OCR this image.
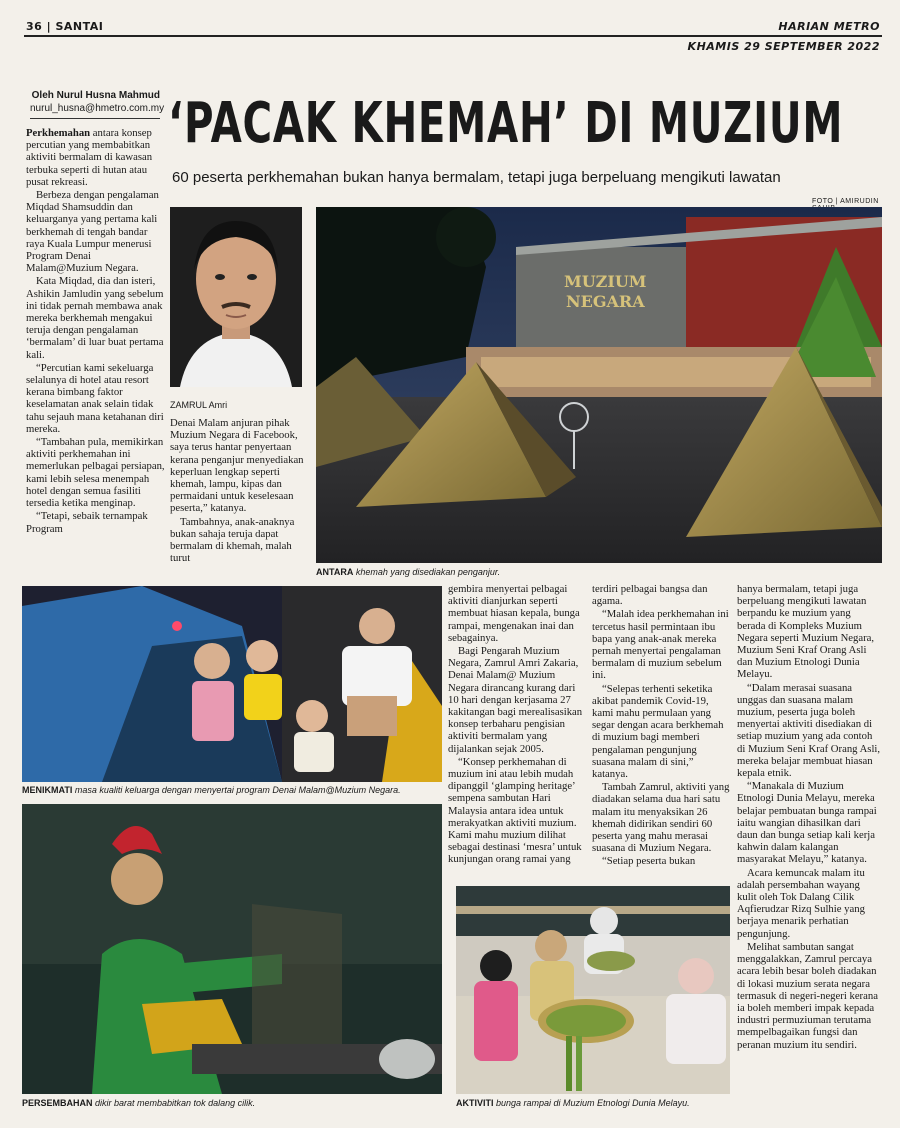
36 | SANTAI	HARIAN METRO
KHAMIS 29 SEPTEMBER 2022
Oleh Nurul Husna Mahmud
nurul_husna@hmetro.com.my ‘PACAK KHEMAH’ DI MUZIUM
60 peserta perkhemahan bukan hanya bermalam, tetapi juga berpeluang mengikuti lawatan

Perkhemahan antara konsep percutian yang membabitkan aktiviti bermalam di kawasan terbuka seperti di hutan atau pusat rekreasi.

Berbeza dengan pengalaman Miqdad Shamsuddin dan keluarganya yang pertama kali berkhemah di tengah bandar raya Kuala Lumpur menerusi Program Denai Malam@Muzium Negara.

Kata Miqdad, dia dan isteri, Ashikin Jamludin yang sebelum ini tidak pernah membawa anak mereka berkhemah mengakui teruja dengan pengalaman ‘bermalam’ di luar buat pertama kali.

“Percutian kami sekeluarga selalunya di hotel atau resort kerana bimbang faktor keselamatan anak selain tidak tahu sejauh mana ketahanan diri mereka.

“Tambahan pula, memikirkan aktiviti perkhemahan ini memerlukan pelbagai persiapan, kami lebih selesa menempah hotel dengan semua fasiliti tersedia ketika menginap.

“Tetapi, sebaik ternampak Program

ZAMRUL Amri

Denai Malam anjuran pihak Muzium Negara di Facebook, saya terus hantar penyertaan kerana penganjur menyediakan keperluan lengkap seperti khemah, lampu, kipas dan permaidani untuk keselesaan peserta,” katanya.

Tambahnya, anak-anaknya bukan sahaja teruja dapat bermalam di khemah, malah turut

FOTO | AMIRUDIN
MUZIUM
NEGARA
ANTARA khemah yang disediakan penganjur.
MENIKMATI masa kualiti keluarga dengan menyertai program Denai Malam@Muzium Negara.
PERSEMBAHAN dikir barat membabitkan tok dalang cilik.

gembira menyertai pelbagai aktiviti dianjurkan seperti membuat hiasan kepala, bunga rampai, mengenakan inai dan sebagainya.

Bagi Pengarah Muzium Negara, Zamrul Amri Zakaria, Denai Malam@ Muzium Negara dirancang kurang dari 10 hari dengan kerjasama 27 kakitangan bagi merealisasikan konsep terbaharu pengisian aktiviti bermalam yang dijalankan sejak 2005.

“Konsep perkhemahan di muzium ini atau lebih mudah dipanggil ‘glamping heritage’ sempena sambutan Hari Malaysia antara idea untuk merakyatkan aktiviti muzium. Kami mahu muzium dilihat sebagai destinasi ‘mesra’ untuk kunjungan orang ramai yang

terdiri pelbagai bangsa dan agama.

“Malah idea perkhemahan ini tercetus hasil permintaan ibu bapa yang anak-anak mereka pernah menyertai pengalaman bermalam di muzium sebelum ini.

“Selepas terhenti seketika akibat pandemik Covid-19, kami mahu permulaan yang segar dengan acara berkhemah di muzium bagi memberi pengalaman pengunjung suasana malam di sini,” katanya.

Tambah Zamrul, aktiviti yang diadakan selama dua hari satu malam itu menyaksikan 26 khemah didirikan sendiri 60 peserta yang mahu merasai suasana di Muzium Negara.

“Setiap peserta bukan

AKTIVITI bunga rampai di Muzium Etnologi Dunia Melayu.

hanya bermalam, tetapi juga berpeluang mengikuti lawatan berpandu ke muzium yang berada di Kompleks Muzium Negara seperti Muzium Negara, Muzium Seni Kraf Orang Asli dan Muzium Etnologi Dunia Melayu.

“Dalam merasai suasana unggas dan suasana malam muzium, peserta juga boleh menyertai aktiviti disediakan di setiap muzium yang ada contoh di Muzium Seni Kraf Orang Asli, mereka belajar membuat hiasan kepala etnik.

“Manakala di Muzium Etnologi Dunia Melayu, mereka belajar pembuatan bunga rampai iaitu wangian dihasilkan dari daun dan bunga setiap kali kerja kahwin dalam kalangan masyarakat Melayu,” katanya.

Acara kemuncak malam itu adalah persembahan wayang kulit oleh Tok Dalang Cilik Aqfierudzar Rizq Sulhie yang berjaya menarik perhatian pengunjung.

Melihat sambutan sangat menggalakkan, Zamrul percaya acara lebih besar boleh diadakan di lokasi muzium serata negara termasuk di negeri-negeri kerana ia boleh memberi impak kepada industri permuziuman terutama mempelbagaikan fungsi dan peranan muzium itu sendiri.
